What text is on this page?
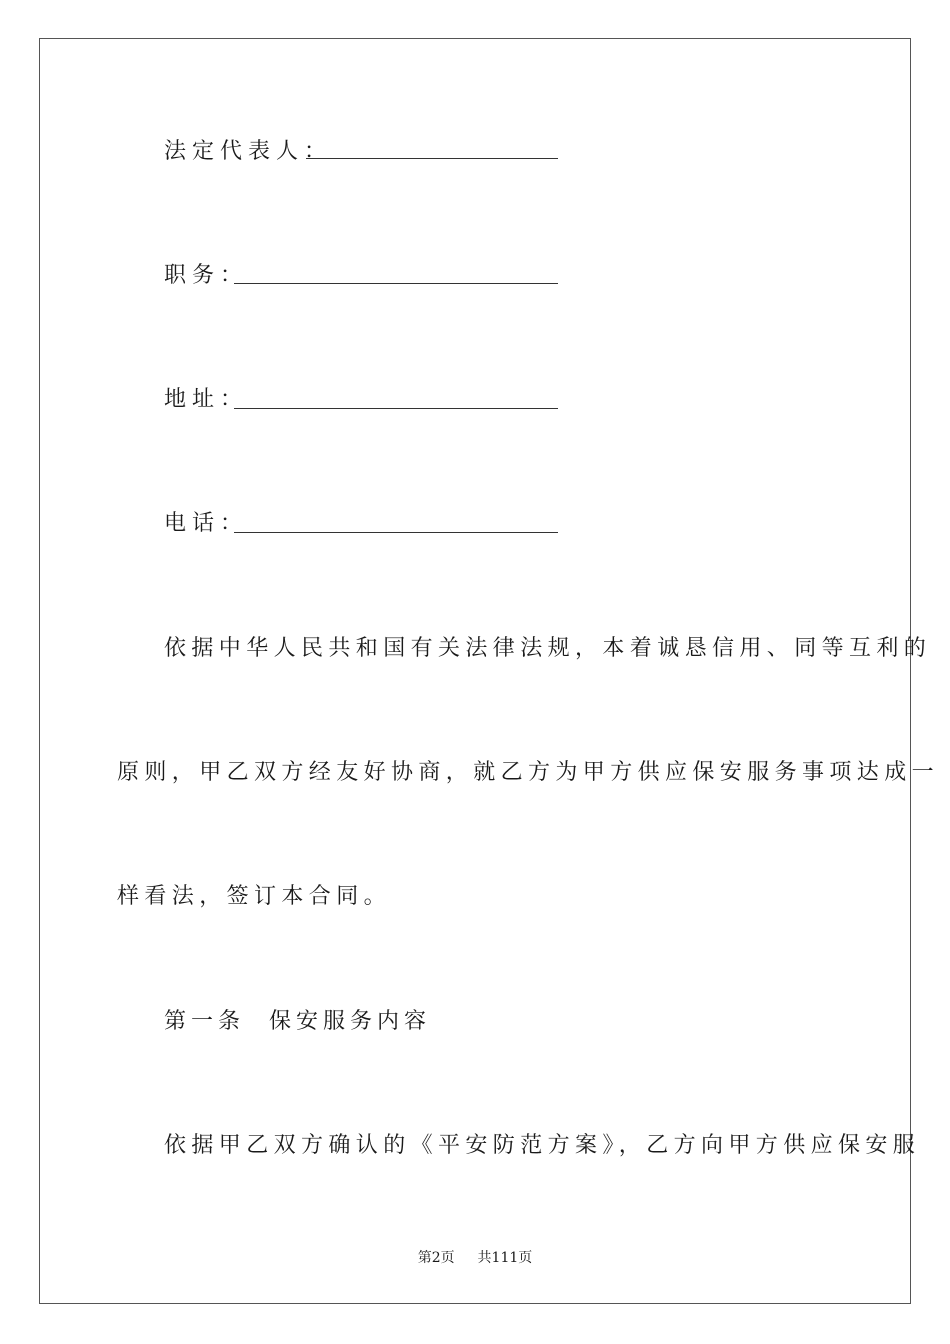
法定代表人：
职务：
地址：
电话：
依据中华人民共和国有关法律法规，本着诚恳信用、同等互利的
原则，甲乙双方经友好协商，就乙方为甲方供应保安服务事项达成一
样看法，签订本合同。
第一条  保安服务内容
依据甲乙双方确认的《平安防范方案》，乙方向甲方供应保安服
第2页 共111页
